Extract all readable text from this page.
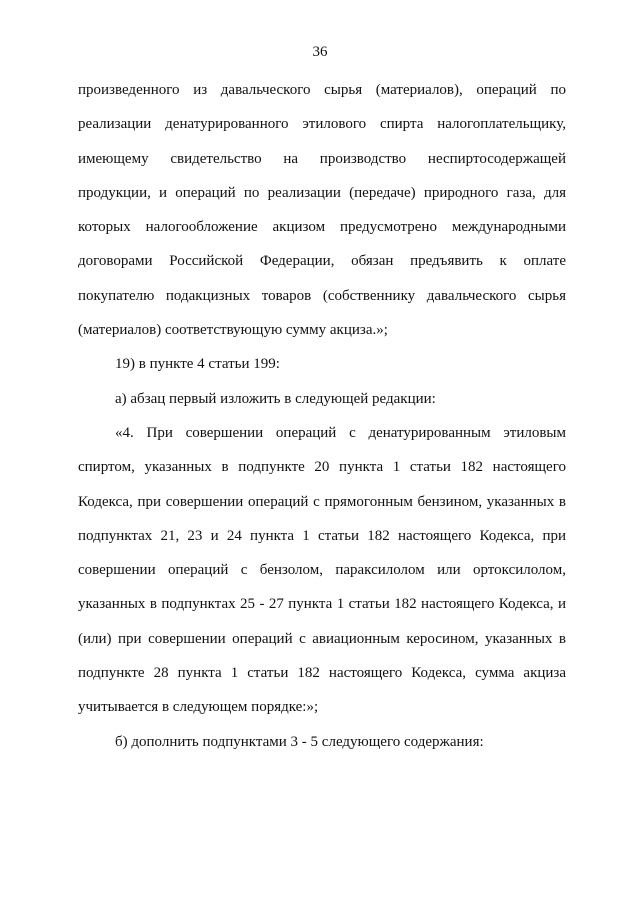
36
произведенного из давальческого сырья (материалов), операций по
реализации денатурированного этилового спирта налогоплательщику,
имеющему свидетельство на производство неспиртосодержащей
продукции, и операций по реализации (передаче) природного газа, для
которых налогообложение акцизом предусмотрено международными
договорами Российской Федерации, обязан предъявить к оплате
покупателю подакцизных товаров (собственнику давальческого сырья
(материалов) соответствующую сумму акциза.»;
19) в пункте 4 статьи 199:
а) абзац первый изложить в следующей редакции:
«4. При совершении операций с денатурированным этиловым
спиртом, указанных в подпункте 20 пункта 1 статьи 182 настоящего
Кодекса, при совершении операций с прямогонным бензином, указанных в
подпунктах 21, 23 и 24 пункта 1 статьи 182 настоящего Кодекса, при
совершении операций с бензолом, параксилолом или ортоксилолом,
указанных в подпунктах 25 - 27 пункта 1 статьи 182 настоящего Кодекса, и
(или) при совершении операций с авиационным керосином, указанных в
подпункте 28 пункта 1 статьи 182 настоящего Кодекса, сумма акциза
учитывается в следующем порядке:»;
б) дополнить подпунктами 3 - 5 следующего содержания:
